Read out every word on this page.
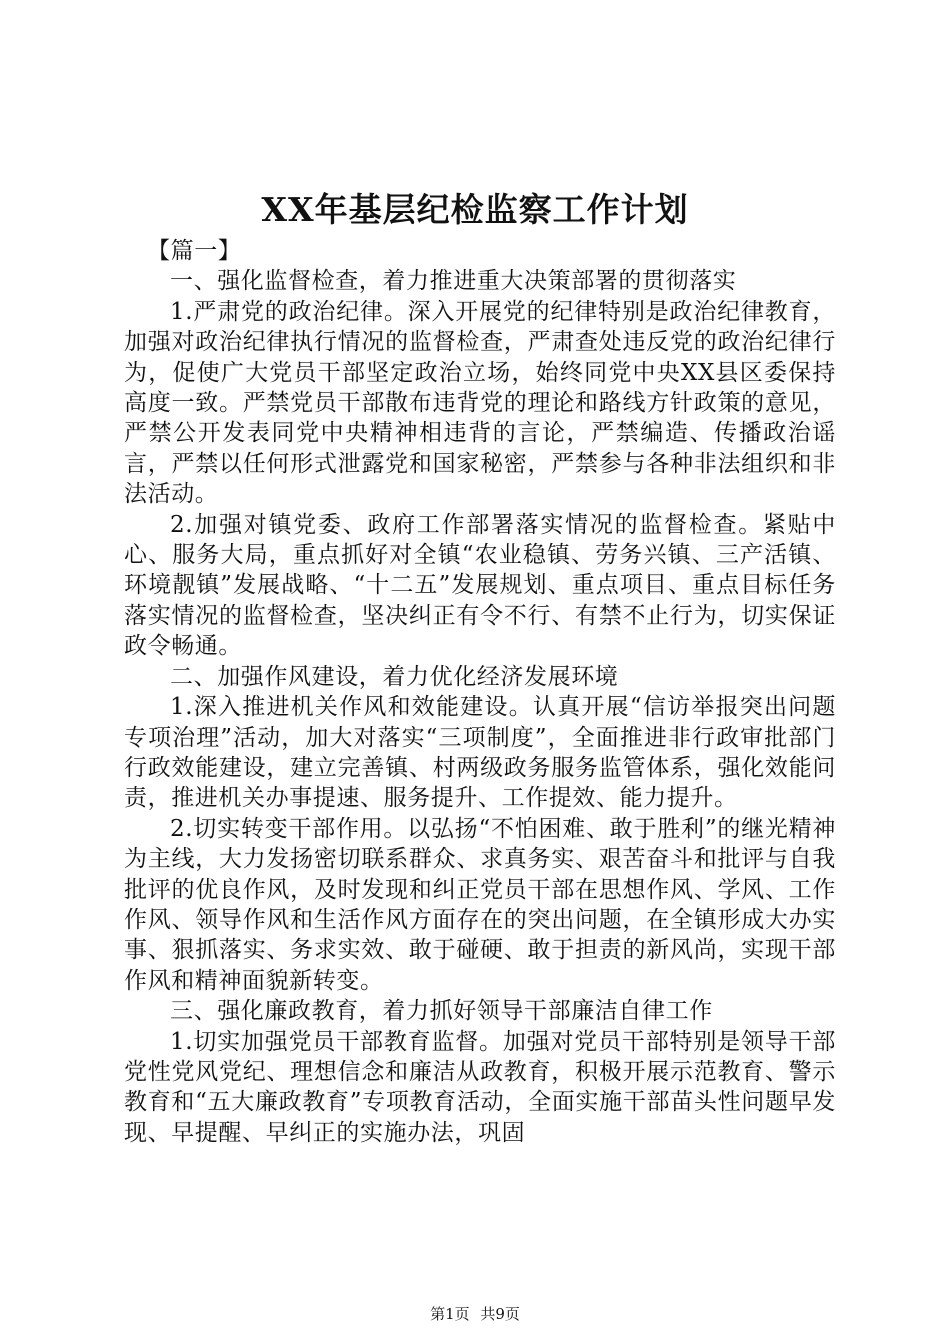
XX年基层纪检监察工作计划

【篇一】

一、强化监督检查，着力推进重大决策部署的贯彻落实

1.严肃党的政治纪律。深入开展党的纪律特别是政治纪律教育，加强对政治纪律执行情况的监督检查，严肃查处违反党的政治纪律行为，促使广大党员干部坚定政治立场，始终同党中央XX县区委保持高度一致。严禁党员干部散布违背党的理论和路线方针政策的意见，严禁公开发表同党中央精神相违背的言论，严禁编造、传播政治谣言，严禁以任何形式泄露党和国家秘密，严禁参与各种非法组织和非法活动。

2.加强对镇党委、政府工作部署落实情况的监督检查。紧贴中心、服务大局，重点抓好对全镇“农业稳镇、劳务兴镇、三产活镇、环境靓镇”发展战略、“十二五”发展规划、重点项目、重点目标任务落实情况的监督检查，坚决纠正有令不行、有禁不止行为，切实保证政令畅通。

二、加强作风建设，着力优化经济发展环境

1.深入推进机关作风和效能建设。认真开展“信访举报突出问题专项治理”活动，加大对落实“三项制度”，全面推进非行政审批部门行政效能建设，建立完善镇、村两级政务服务监管体系，强化效能问责，推进机关办事提速、服务提升、工作提效、能力提升。

2.切实转变干部作用。以弘扬“不怕困难、敢于胜利”的继光精神为主线，大力发扬密切联系群众、求真务实、艰苦奋斗和批评与自我批评的优良作风，及时发现和纠正党员干部在思想作风、学风、工作作风、领导作风和生活作风方面存在的突出问题，在全镇形成大办实事、狠抓落实、务求实效、敢于碰硬、敢于担责的新风尚，实现干部作风和精神面貌新转变。

三、强化廉政教育，着力抓好领导干部廉洁自律工作

1.切实加强党员干部教育监督。加强对党员干部特别是领导干部党性党风党纪、理想信念和廉洁从政教育，积极开展示范教育、警示教育和“五大廉政教育”专项教育活动，全面实施干部苗头性问题早发现、早提醒、早纠正的实施办法，巩固

第1页 共9页
